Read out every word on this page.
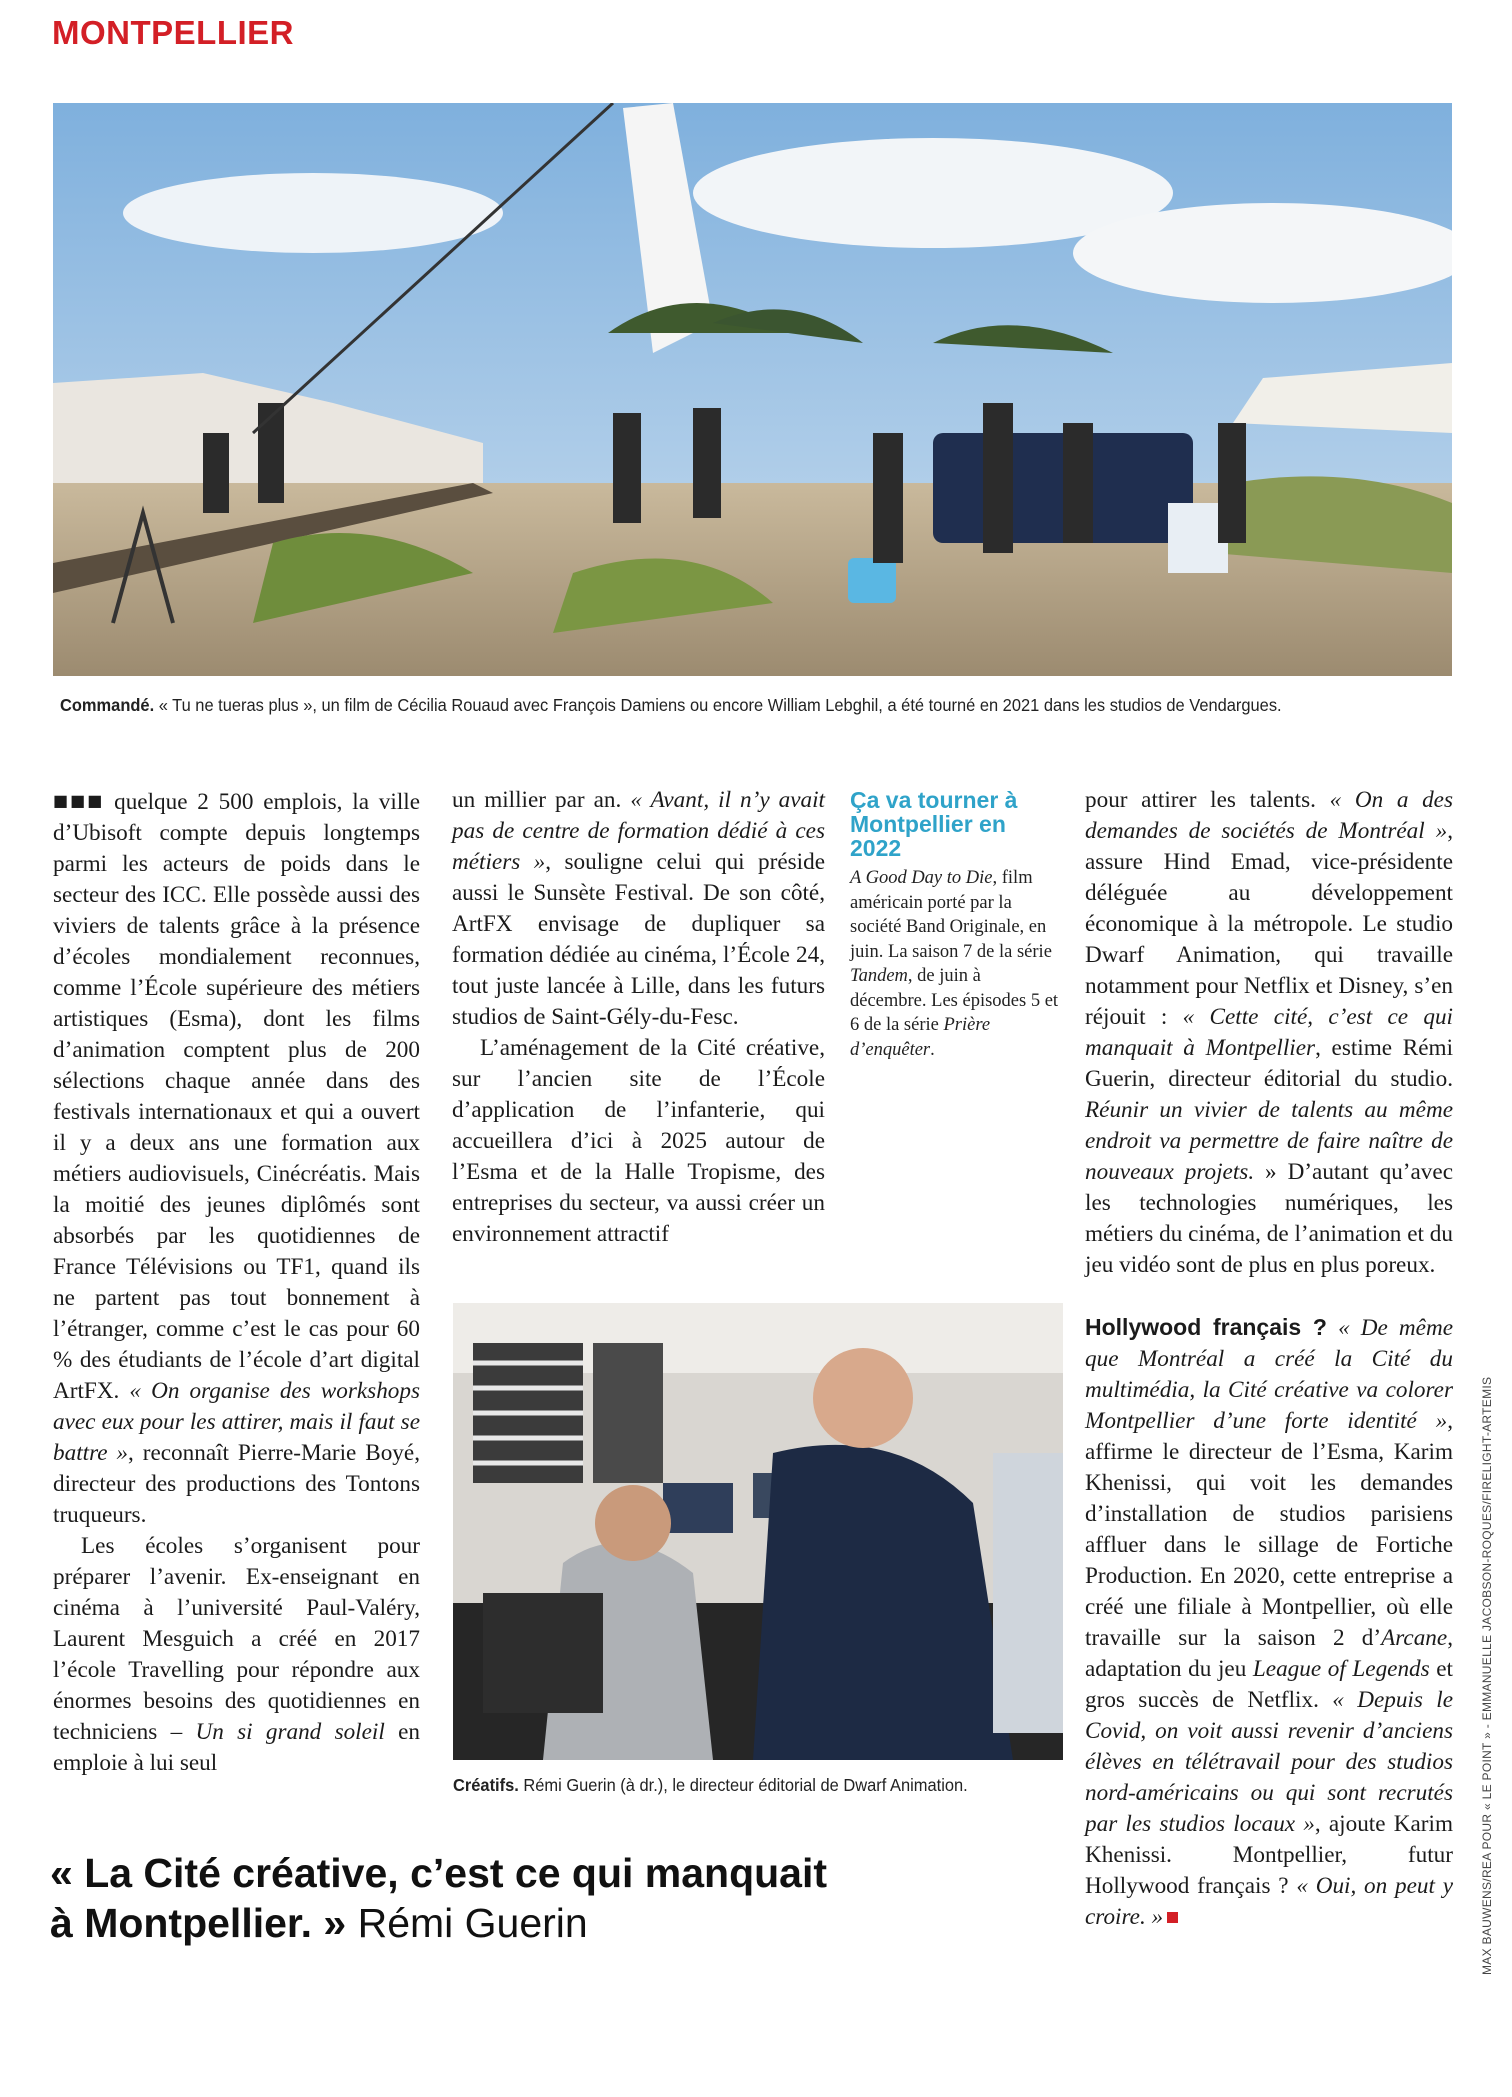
MONTPELLIER
Commandé. « Tu ne tueras plus », un film de Cécilia Rouaud avec François Damiens ou encore William Lebghil, a été tourné en 2021 dans les studios de Vendargues.

■■■ quelque 2 500 emplois, la ville d’Ubisoft compte depuis longtemps parmi les acteurs de poids dans le secteur des ICC. Elle possède aussi des viviers de talents grâce à la présence d’écoles mondialement reconnues, comme l’École supérieure des métiers artistiques (Esma), dont les films d’animation comptent plus de 200 sélections chaque année dans des festivals internationaux et qui a ouvert il y a deux ans une formation aux métiers audiovisuels, Cinécréatis. Mais la moitié des jeunes diplômés sont absorbés par les quotidiennes de France Télévisions ou TF1, quand ils ne partent pas tout bonnement à l’étranger, comme c’est le cas pour 60 % des étudiants de l’école d’art digital ArtFX. « On organise des workshops avec eux pour les attirer, mais il faut se battre », reconnaît Pierre-Marie Boyé, directeur des productions des Tontons truqueurs.

Les écoles s’organisent pour préparer l’avenir. Ex-enseignant en cinéma à l’université Paul-Valéry, Laurent Mesguich a créé en 2017 l’école Travelling pour répondre aux énormes besoins des quotidiennes en techniciens – Un si grand soleil en emploie à lui seul

un millier par an. « Avant, il n’y avait pas de centre de formation dédié à ces métiers », souligne celui qui préside aussi le Sunsète Festival. De son côté, ArtFX envisage de dupliquer sa formation dédiée au cinéma, l’École 24, tout juste lancée à Lille, dans les futurs studios de Saint-Gély-du-Fesc.

L’aménagement de la Cité créative, sur l’ancien site de l’École d’application de l’infanterie, qui accueillera d’ici à 2025 autour de l’Esma et de la Halle Tropisme, des entreprises du secteur, va aussi créer un environnement attractif

Ça va tourner à Montpellier en 2022
A Good Day to Die, film américain porté par la société Band Originale, en juin. La saison 7 de la série Tandem, de juin à décembre. Les épisodes 5 et 6 de la série Prière d’enquêter.
Créatifs. Rémi Guerin (à dr.), le directeur éditorial de Dwarf Animation.

pour attirer les talents. « On a des demandes de sociétés de Montréal », assure Hind Emad, vice-présidente déléguée au développement économique à la métropole. Le studio Dwarf Animation, qui travaille notamment pour Netflix et Disney, s’en réjouit : « Cette cité, c’est ce qui manquait à Montpellier, estime Rémi Guerin, directeur éditorial du studio. Réunir un vivier de talents au même endroit va permettre de faire naître de nouveaux projets. » D’autant qu’avec les technologies numériques, les métiers du cinéma, de l’animation et du jeu vidéo sont de plus en plus poreux.

Hollywood français ? « De même que Montréal a créé la Cité du multimédia, la Cité créative va colorer Montpellier d’une forte identité », affirme le directeur de l’Esma, Karim Khenissi, qui voit les demandes d’installation de studios parisiens affluer dans le sillage de Fortiche Production. En 2020, cette entreprise a créé une filiale à Montpellier, où elle travaille sur la saison 2 d’Arcane, adaptation du jeu League of Legends et gros succès de Netflix. « Depuis le Covid, on voit aussi revenir d’anciens élèves en télétravail pour des studios nord-américains ou qui sont recrutés par les studios locaux », ajoute Karim Khenissi. Montpellier, futur Hollywood français ? « Oui, on peut y croire. »

« La Cité créative, c’est ce qui manquait à Montpellier. » Rémi Guerin	MAX BAUWENS/REA POUR « LE POINT » - EMMANUELLE JACOBSON-ROQUES/FIRELIGHT-ARTEMIS
